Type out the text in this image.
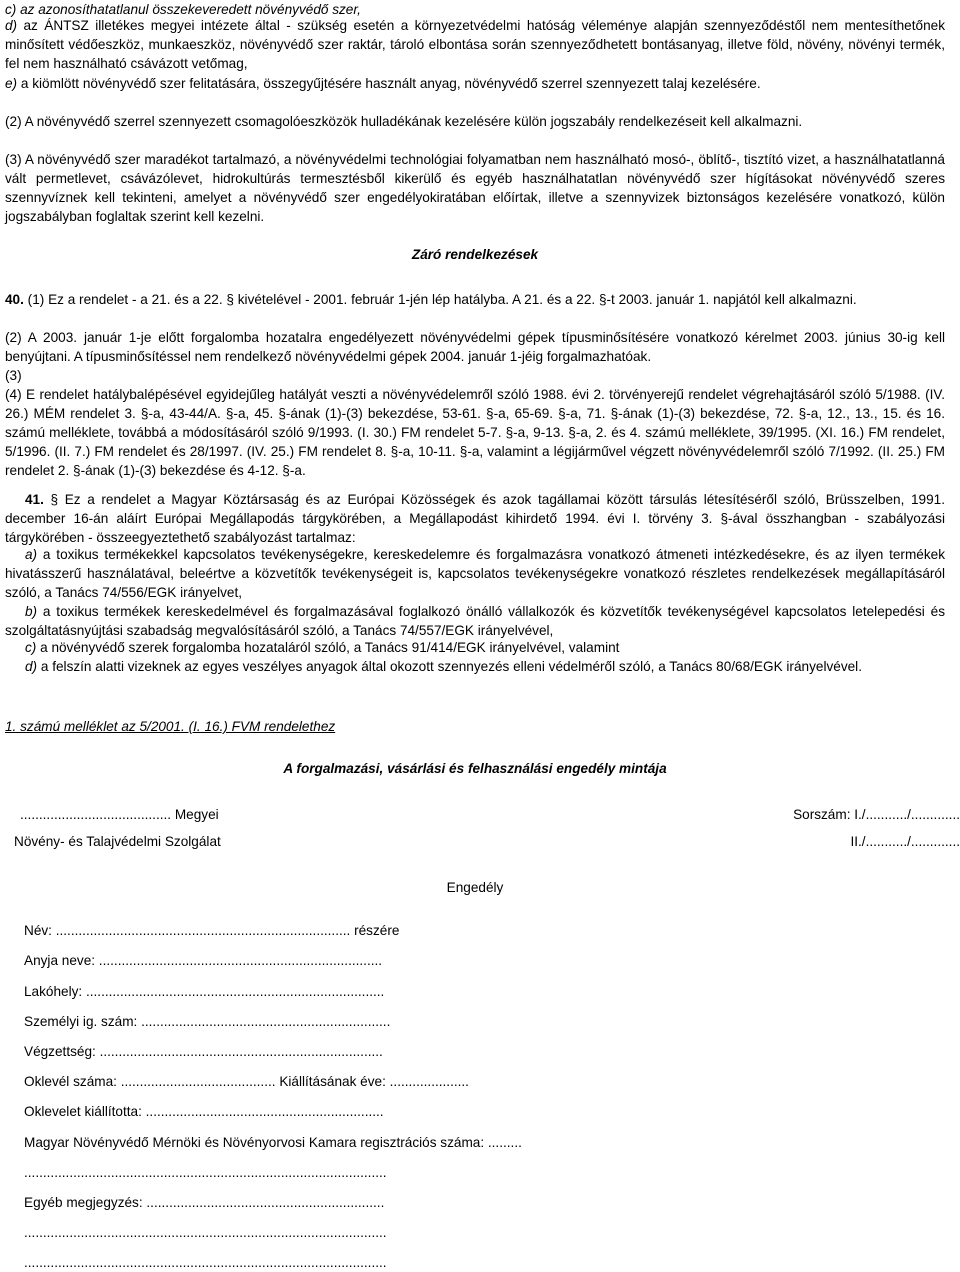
c) az azonosíthatatlanul összekeveredett növényvédő szer,

d) az ÁNTSZ illetékes megyei intézete által - szükség esetén a környezetvédelmi hatóság véleménye alapján szennyeződéstől nem mentesíthetőnek minősített védőeszköz, munkaeszköz, növényvédő szer raktár, tároló elbontása során szennyeződhetett bontásanyag, illetve föld, növény, növényi termék, fel nem használható csávázott vetőmag,

e) a kiömlött növényvédő szer felitatására, összegyűjtésére használt anyag, növényvédő szerrel szennyezett talaj kezelésére.

(2) A növényvédő szerrel szennyezett csomagolóeszközök hulladékának kezelésére külön jogszabály rendelkezéseit kell alkalmazni.

(3) A növényvédő szer maradékot tartalmazó, a növényvédelmi technológiai folyamatban nem használható mosó-, öblítő-, tisztító vizet, a használhatatlanná vált permetlevet, csávázólevet, hidrokultúrás termesztésből kikerülő és egyéb használhatatlan növényvédő szer hígításokat növényvédő szeres szennyvíznek kell tekinteni, amelyet a növényvédő szer engedélyokiratában előírtak, illetve a szennyvizek biztonságos kezelésére vonatkozó, külön jogszabályban foglaltak szerint kell kezelni.

Záró rendelkezések

40. (1) Ez a rendelet - a 21. és a 22. § kivételével - 2001. február 1-jén lép hatályba. A 21. és a 22. §-t 2003. január 1. napjától kell alkalmazni.

(2) A 2003. január 1-je előtt forgalomba hozatalra engedélyezett növényvédelmi gépek típusminősítésére vonatkozó kérelmet 2003. június 30-ig kell benyújtani. A típusminősítéssel nem rendelkező növényvédelmi gépek 2004. január 1-jéig forgalmazhatóak.

(3)

(4) E rendelet hatálybalépésével egyidejűleg hatályát veszti a növényvédelemről szóló 1988. évi 2. törvényerejű rendelet végrehajtásáról szóló 5/1988. (IV. 26.) MÉM rendelet 3. §-a, 43-44/A. §-a, 45. §-ának (1)-(3) bekezdése, 53-61. §-a, 65-69. §-a, 71. §-ának (1)-(3) bekezdése, 72. §-a, 12., 13., 15. és 16. számú melléklete, továbbá a módosításáról szóló 9/1993. (I. 30.) FM rendelet 5-7. §-a, 9-13. §-a, 2. és 4. számú melléklete, 39/1995. (XI. 16.) FM rendelet, 5/1996. (II. 7.) FM rendelet és 28/1997. (IV. 25.) FM rendelet 8. §-a, 10-11. §-a, valamint a légijárművel végzett növényvédelemről szóló 7/1992. (II. 25.) FM rendelet 2. §-ának (1)-(3) bekezdése és 4-12. §-a.

41. § Ez a rendelet a Magyar Köztársaság és az Európai Közösségek és azok tagállamai között társulás létesítéséről szóló, Brüsszelben, 1991. december 16-án aláírt Európai Megállapodás tárgykörében, a Megállapodást kihirdető 1994. évi I. törvény 3. §-ával összhangban - szabályozási tárgykörében - összeegyeztethető szabályozást tartalmaz:

a) a toxikus termékekkel kapcsolatos tevékenységekre, kereskedelemre és forgalmazásra vonatkozó átmeneti intézkedésekre, és az ilyen termékek hivatásszerű használatával, beleértve a közvetítők tevékenységeit is, kapcsolatos tevékenységekre vonatkozó részletes rendelkezések megállapításáról szóló, a Tanács 74/556/EGK irányelvet,

b) a toxikus termékek kereskedelmével és forgalmazásával foglalkozó önálló vállalkozók és közvetítők tevékenységével kapcsolatos letelepedési és szolgáltatásnyújtási szabadság megvalósításáról szóló, a Tanács 74/557/EGK irányelvével,

c) a növényvédő szerek forgalomba hozataláról szóló, a Tanács 91/414/EGK irányelvével, valamint

d) a felszín alatti vizeknek az egyes veszélyes anyagok által okozott szennyezés elleni védelméről szóló, a Tanács 80/68/EGK irányelvével.

1. számú melléklet az 5/2001. (I. 16.) FVM rendelethez

A forgalmazási, vásárlási és felhasználási engedély mintája

........................................ Megyei	Sorszám: I./.........../.............
Növény- és Talajvédelmi Szolgálat	II./.........../.............

Engedély

Név: .............................................................................. részére
Anyja neve: ...........................................................................
Lakóhely: ...............................................................................
Személyi ig. szám: ..................................................................
Végzettség: ...........................................................................
Oklevél száma: ......................................... Kiállításának éve: .....................
Oklevelet kiállította: ...............................................................
Magyar Növényvédő Mérnöki és Növényorvosi Kamara regisztrációs száma: .........
................................................................................................
Egyéb megjegyzés: ...............................................................
................................................................................................
................................................................................................
